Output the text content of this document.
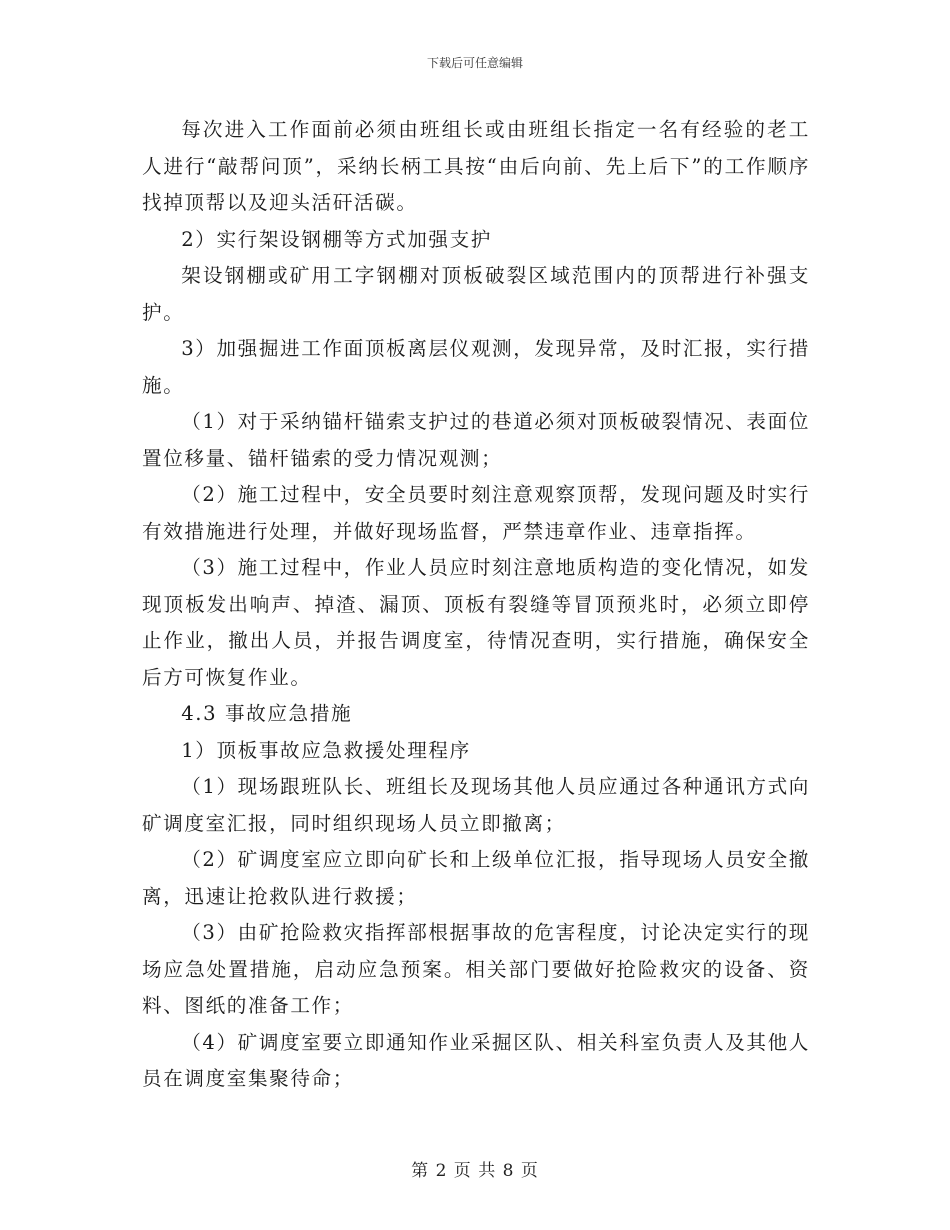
下载后可任意编辑

每次进入工作面前必须由班组长或由班组长指定一名有经验的老工人进行“敲帮问顶”，采纳长柄工具按“由后向前、先上后下”的工作顺序找掉顶帮以及迎头活矸活碳。

2）实行架设钢棚等方式加强支护

架设钢棚或矿用工字钢棚对顶板破裂区域范围内的顶帮进行补强支护。

3）加强掘进工作面顶板离层仪观测，发现异常，及时汇报，实行措施。

（1）对于采纳锚杆锚索支护过的巷道必须对顶板破裂情况、表面位置位移量、锚杆锚索的受力情况观测；

（2）施工过程中，安全员要时刻注意观察顶帮，发现问题及时实行有效措施进行处理，并做好现场监督，严禁违章作业、违章指挥。

（3）施工过程中，作业人员应时刻注意地质构造的变化情况，如发现顶板发出响声、掉渣、漏顶、顶板有裂缝等冒顶预兆时，必须立即停止作业，撤出人员，并报告调度室，待情况查明，实行措施，确保安全后方可恢复作业。

4.3 事故应急措施

1）顶板事故应急救援处理程序

（1）现场跟班队长、班组长及现场其他人员应通过各种通讯方式向矿调度室汇报，同时组织现场人员立即撤离；

（2）矿调度室应立即向矿长和上级单位汇报，指导现场人员安全撤离，迅速让抢救队进行救援；

（3）由矿抢险救灾指挥部根据事故的危害程度，讨论决定实行的现场应急处置措施，启动应急预案。相关部门要做好抢险救灾的设备、资料、图纸的准备工作；

（4）矿调度室要立即通知作业采掘区队、相关科室负责人及其他人员在调度室集聚待命；

第 2 页 共 8 页
